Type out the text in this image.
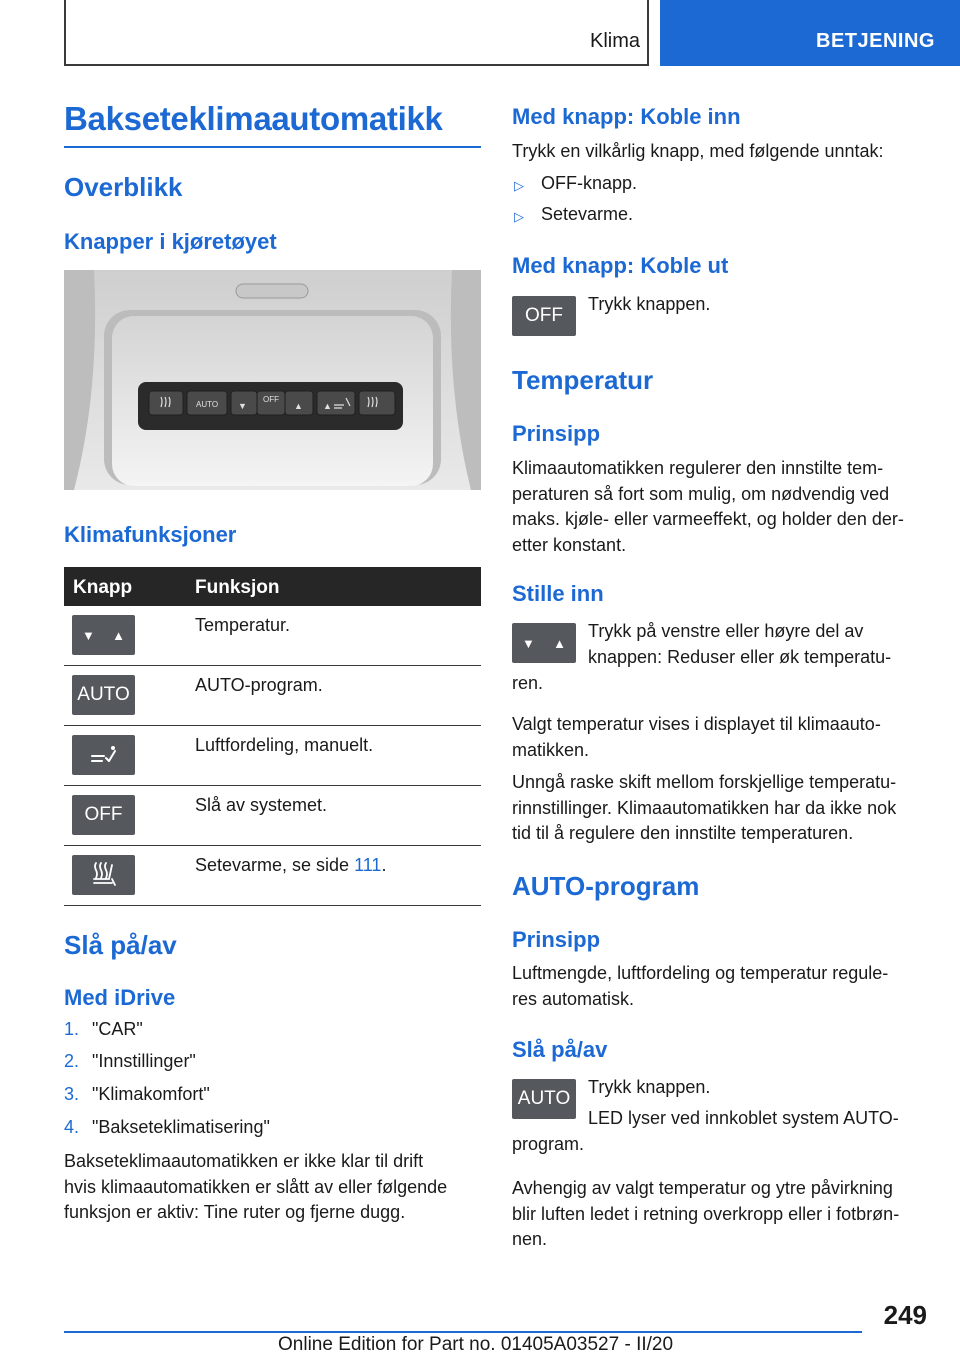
Klima	BETJENING
Bakseteklimaautomatikk
Overblikk
Knapper i kjøretøyet
AUTO
OFF
▼	▲ ▲
Klimafunksjoner
Knapp	Funksjon
▼ ▲	Temperatur.
AUTO	AUTO-program.
Luftfordeling, manuelt.
OFF	Slå av systemet.
Setevarme, se side 111.
Slå på/av
Med iDrive
1. "CAR"
2. "Innstillinger"
3. "Klimakomfort"
4. "Bakseteklimatisering"
Bakseteklimaautomatikken er ikke klar til drift
hvis klimaautomatikken er slått av eller følgende
funksjon er aktiv: Tine ruter og fjerne dugg.
Med knapp: Koble inn
Trykk en vilkårlig knapp, med følgende unntak:
▷ OFF-knapp.
▷ Setevarme.
Med knapp: Koble ut
OFF
Trykk knappen.
Temperatur
Prinsipp
Klimaautomatikken regulerer den innstilte tem-
peraturen så fort som mulig, om nødvendig ved
maks. kjøle- eller varmeeffekt, og holder den der-
etter konstant.
Stille inn
▼ ▲
Trykk på venstre eller høyre del av
knappen: Reduser eller øk temperatu-
ren.
Valgt temperatur vises i displayet til klimaauto-
matikken.
Unngå raske skift mellom forskjellige temperatu-
rinnstillinger. Klimaautomatikken har da ikke nok
tid til å regulere den innstilte temperaturen.
AUTO-program
Prinsipp
Luftmengde, luftfordeling og temperatur regule-
res automatisk.
Slå på/av
AUTO
Trykk knappen.
LED lyser ved innkoblet system AUTO-
program.
Avhengig av valgt temperatur og ytre påvirkning
blir luften ledet i retning overkropp eller i fotbrøn-
nen.
249
Online Edition for Part no. 01405A03527 - II/20
